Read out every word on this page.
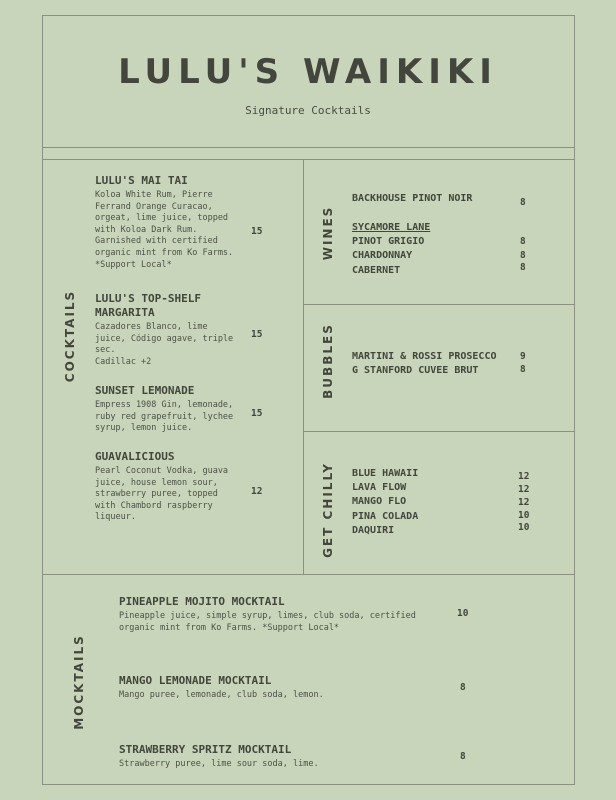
LULU'S WAIKIKI
Signature Cocktails
COCKTAILS
WINES
BUBBLES
GET CHILLY
MOCKTAILS
LULU'S MAI TAI
Koloa White Rum, Pierre Ferrand Orange Curacao, orgeat, lime juice, topped with Koloa Dark Rum. Garnished with certified organic mint from Ko Farms. *Support Local*
15
LULU'S TOP-SHELF MARGARITA
Cazadores Blanco, lime juice, Código agave, triple sec.
Cadillac +2
15
SUNSET LEMONADE
Empress 1908 Gin, lemonade, ruby red grapefruit, lychee syrup, lemon juice.
15
GUAVALICIOUS
Pearl Coconut Vodka, guava juice, house lemon sour, strawberry puree, topped with Chambord raspberry liqueur.
12
BACKHOUSE PINOT NOIR	8
SYCAMORE LANE
PINOT GRIGIO	8
CHARDONNAY	8
CABERNET	8
MARTINI & ROSSI PROSECCO 9
G STANFORD CUVEE BRUT	8
BLUE HAWAII	12
LAVA FLOW	12
MANGO FLO	12
PINA COLADA	10
DAQUIRI	10
PINEAPPLE MOJITO MOCKTAIL
Pineapple juice, simple syrup, limes, club soda, certified organic mint from Ko Farms. *Support Local*
10
MANGO LEMONADE MOCKTAIL
Mango puree, lemonade, club soda, lemon.
8
STRAWBERRY SPRITZ MOCKTAIL
Strawberry puree, lime sour soda, lime.
8
